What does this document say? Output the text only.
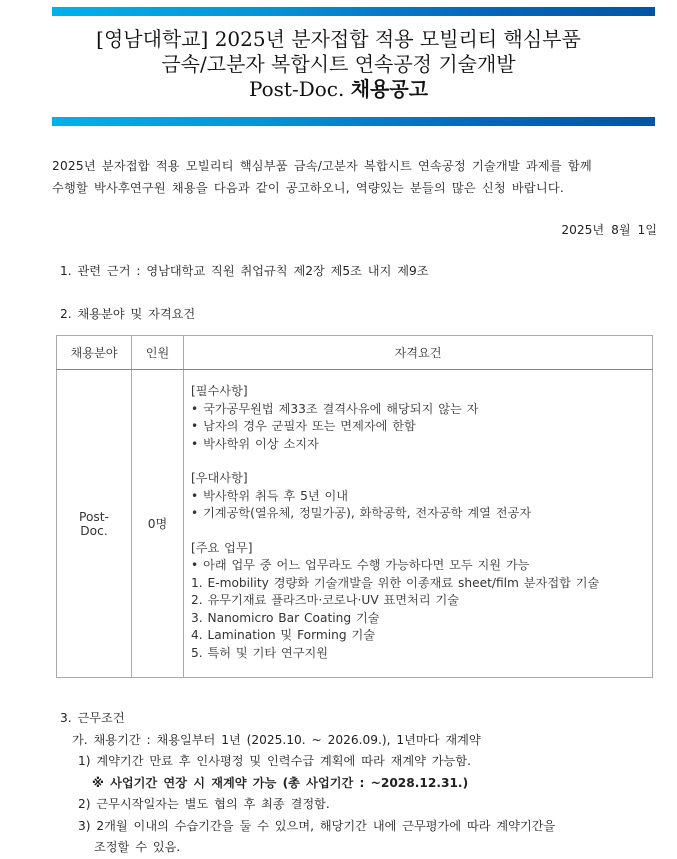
[영남대학교] 2025년 분자접합 적용 모빌리티 핵심부품
금속/고분자 복합시트 연속공정 기술개발
Post-Doc. 채용공고
2025년 분자접합 적용 모빌리티 핵심부품 금속/고분자 복합시트 연속공정 기술개발 과제를 함께
수행할 박사후연구원 채용을 다음과 같이 공고하오니, 역량있는 분들의 많은 신청 바랍니다.
2025년 8월 1일
1. 관련 근거 : 영남대학교 직원 취업규칙 제2장 제5조 내지 제9조
2. 채용분야 및 자격요건
채용분야	인원	자격요건

Post-
Doc.	0명	
[필수사항]
• 국가공무원법 제33조 결격사유에 해당되지 않는 자
• 남자의 경우 군필자 또는 면제자에 한함
• 박사학위 이상 소지자
[우대사항]
• 박사학위 취득 후 5년 이내
• 기계공학(열유체, 정밀가공), 화학공학, 전자공학 계열 전공자
[주요 업무]
• 아래 업무 중 어느 업무라도 수행 가능하다면 모두 지원 가능
1. E-mobility 경량화 기술개발을 위한 이종재료 sheet/film 분자접합 기술
2. 유무기재료 플라즈마·코로나·UV 표면처리 기술
3. Nanomicro Bar Coating 기술
4. Lamination 및 Forming 기술
5. 특허 및 기타 연구지원
3. 근무조건
가. 채용기간 : 채용일부터 1년 (2025.10. ~ 2026.09.), 1년마다 재계약
1) 계약기간 만료 후 인사평정 및 인력수급 계획에 따라 재계약 가능함.
※ 사업기간 연장 시 재계약 가능 (총 사업기간 : ~2028.12.31.)
2) 근무시작일자는 별도 협의 후 최종 결정함.
3) 2개월 이내의 수습기간을 둘 수 있으며, 해당기간 내에 근무평가에 따라 계약기간을
조정할 수 있음.
